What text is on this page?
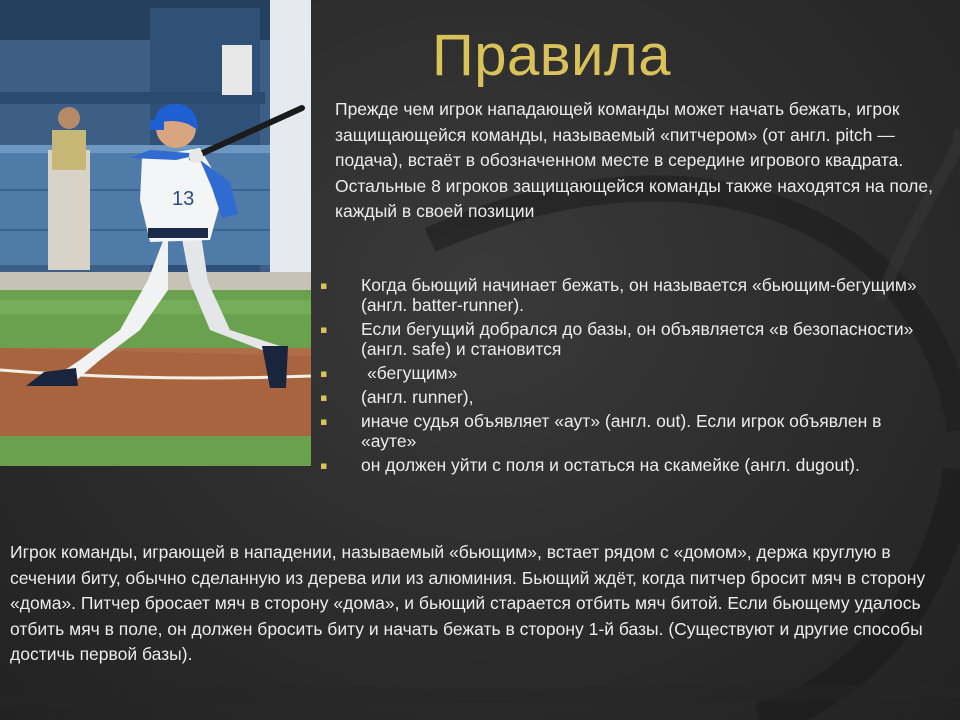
13
Правила
Прежде чем игрок нападающей команды может начать бежать, игрок защищающейся команды, называемый «питчером» (от англ. pitch — подача), встаёт в обозначенном месте в середине игрового квадрата. Остальные 8 игроков защищающейся команды также находятся на поле, каждый в своей позиции
▪ Когда бьющий начинает бежать, он называется «бьющим-бегущим» (англ. batter-runner).
▪ Если бегущий добрался до базы, он объявляется «в безопасности» (англ. safe) и становится
▪ «бегущим»
▪ (англ. runner),
▪ иначе судья объявляет «аут» (англ. out). Если игрок объявлен в «ауте»
▪ он должен уйти с поля и остаться на скамейке (англ. dugout).
Игрок команды, играющей в нападении, называемый «бьющим», встает рядом с «домом», держа круглую в сечении биту, обычно сделанную из дерева или из алюминия. Бьющий ждёт, когда питчер бросит мяч в сторону «дома». Питчер бросает мяч в сторону «дома», и бьющий старается отбить мяч битой. Если бьющему удалось отбить мяч в поле, он должен бросить биту и начать бежать в сторону 1-й базы. (Существуют и другие способы достичь первой базы).
